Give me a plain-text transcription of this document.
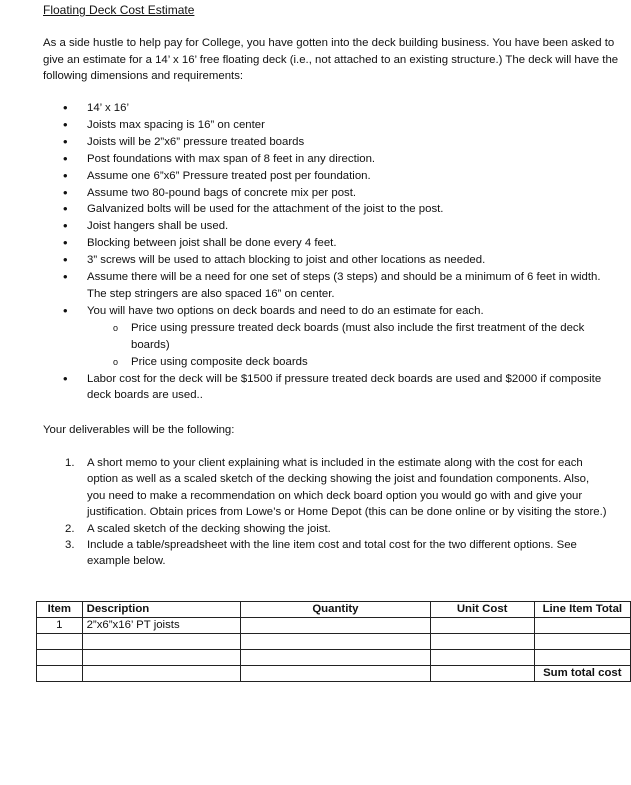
Floating Deck Cost Estimate
As a side hustle to help pay for College, you have gotten into the deck building business. You have been asked to give an estimate for a 14’ x 16’ free floating deck (i.e., not attached to an existing structure.) The deck will have the following dimensions and requirements:
• 14’ x 16’
• Joists max spacing is 16” on center
• Joists will be 2”x6” pressure treated boards
• Post foundations with max span of 8 feet in any direction.
• Assume one 6”x6” Pressure treated post per foundation.
• Assume two 80-pound bags of concrete mix per post.
• Galvanized bolts will be used for the attachment of the joist to the post.
• Joist hangers shall be used.
• Blocking between joist shall be done every 4 feet.
• 3” screws will be used to attach blocking to joist and other locations as needed.
• Assume there will be a need for one set of steps (3 steps) and should be a minimum of 6 feet in width. The step stringers are also spaced 16” on center.
• You will have two options on deck boards and need to do an estimate for each.
o Price using pressure treated deck boards (must also include the first treatment of the deck boards)
o Price using composite deck boards
• Labor cost for the deck will be $1500 if pressure treated deck boards are used and $2000 if composite deck boards are used..
Your deliverables will be the following:
1. A short memo to your client explaining what is included in the estimate along with the cost for each option as well as a scaled sketch of the decking showing the joist and foundation components. Also, you need to make a recommendation on which deck board option you would go with and give your justification. Obtain prices from Lowe’s or Home Depot (this can be done online or by visiting the store.)
2. A scaled sketch of the decking showing the joist.
3. Include a table/spreadsheet with the line item cost and total cost for the two different options. See example below.
Item	Description	Quantity	Unit Cost	Line Item Total
1	2”x6”x16’ PT joists			

				Sum total cost
